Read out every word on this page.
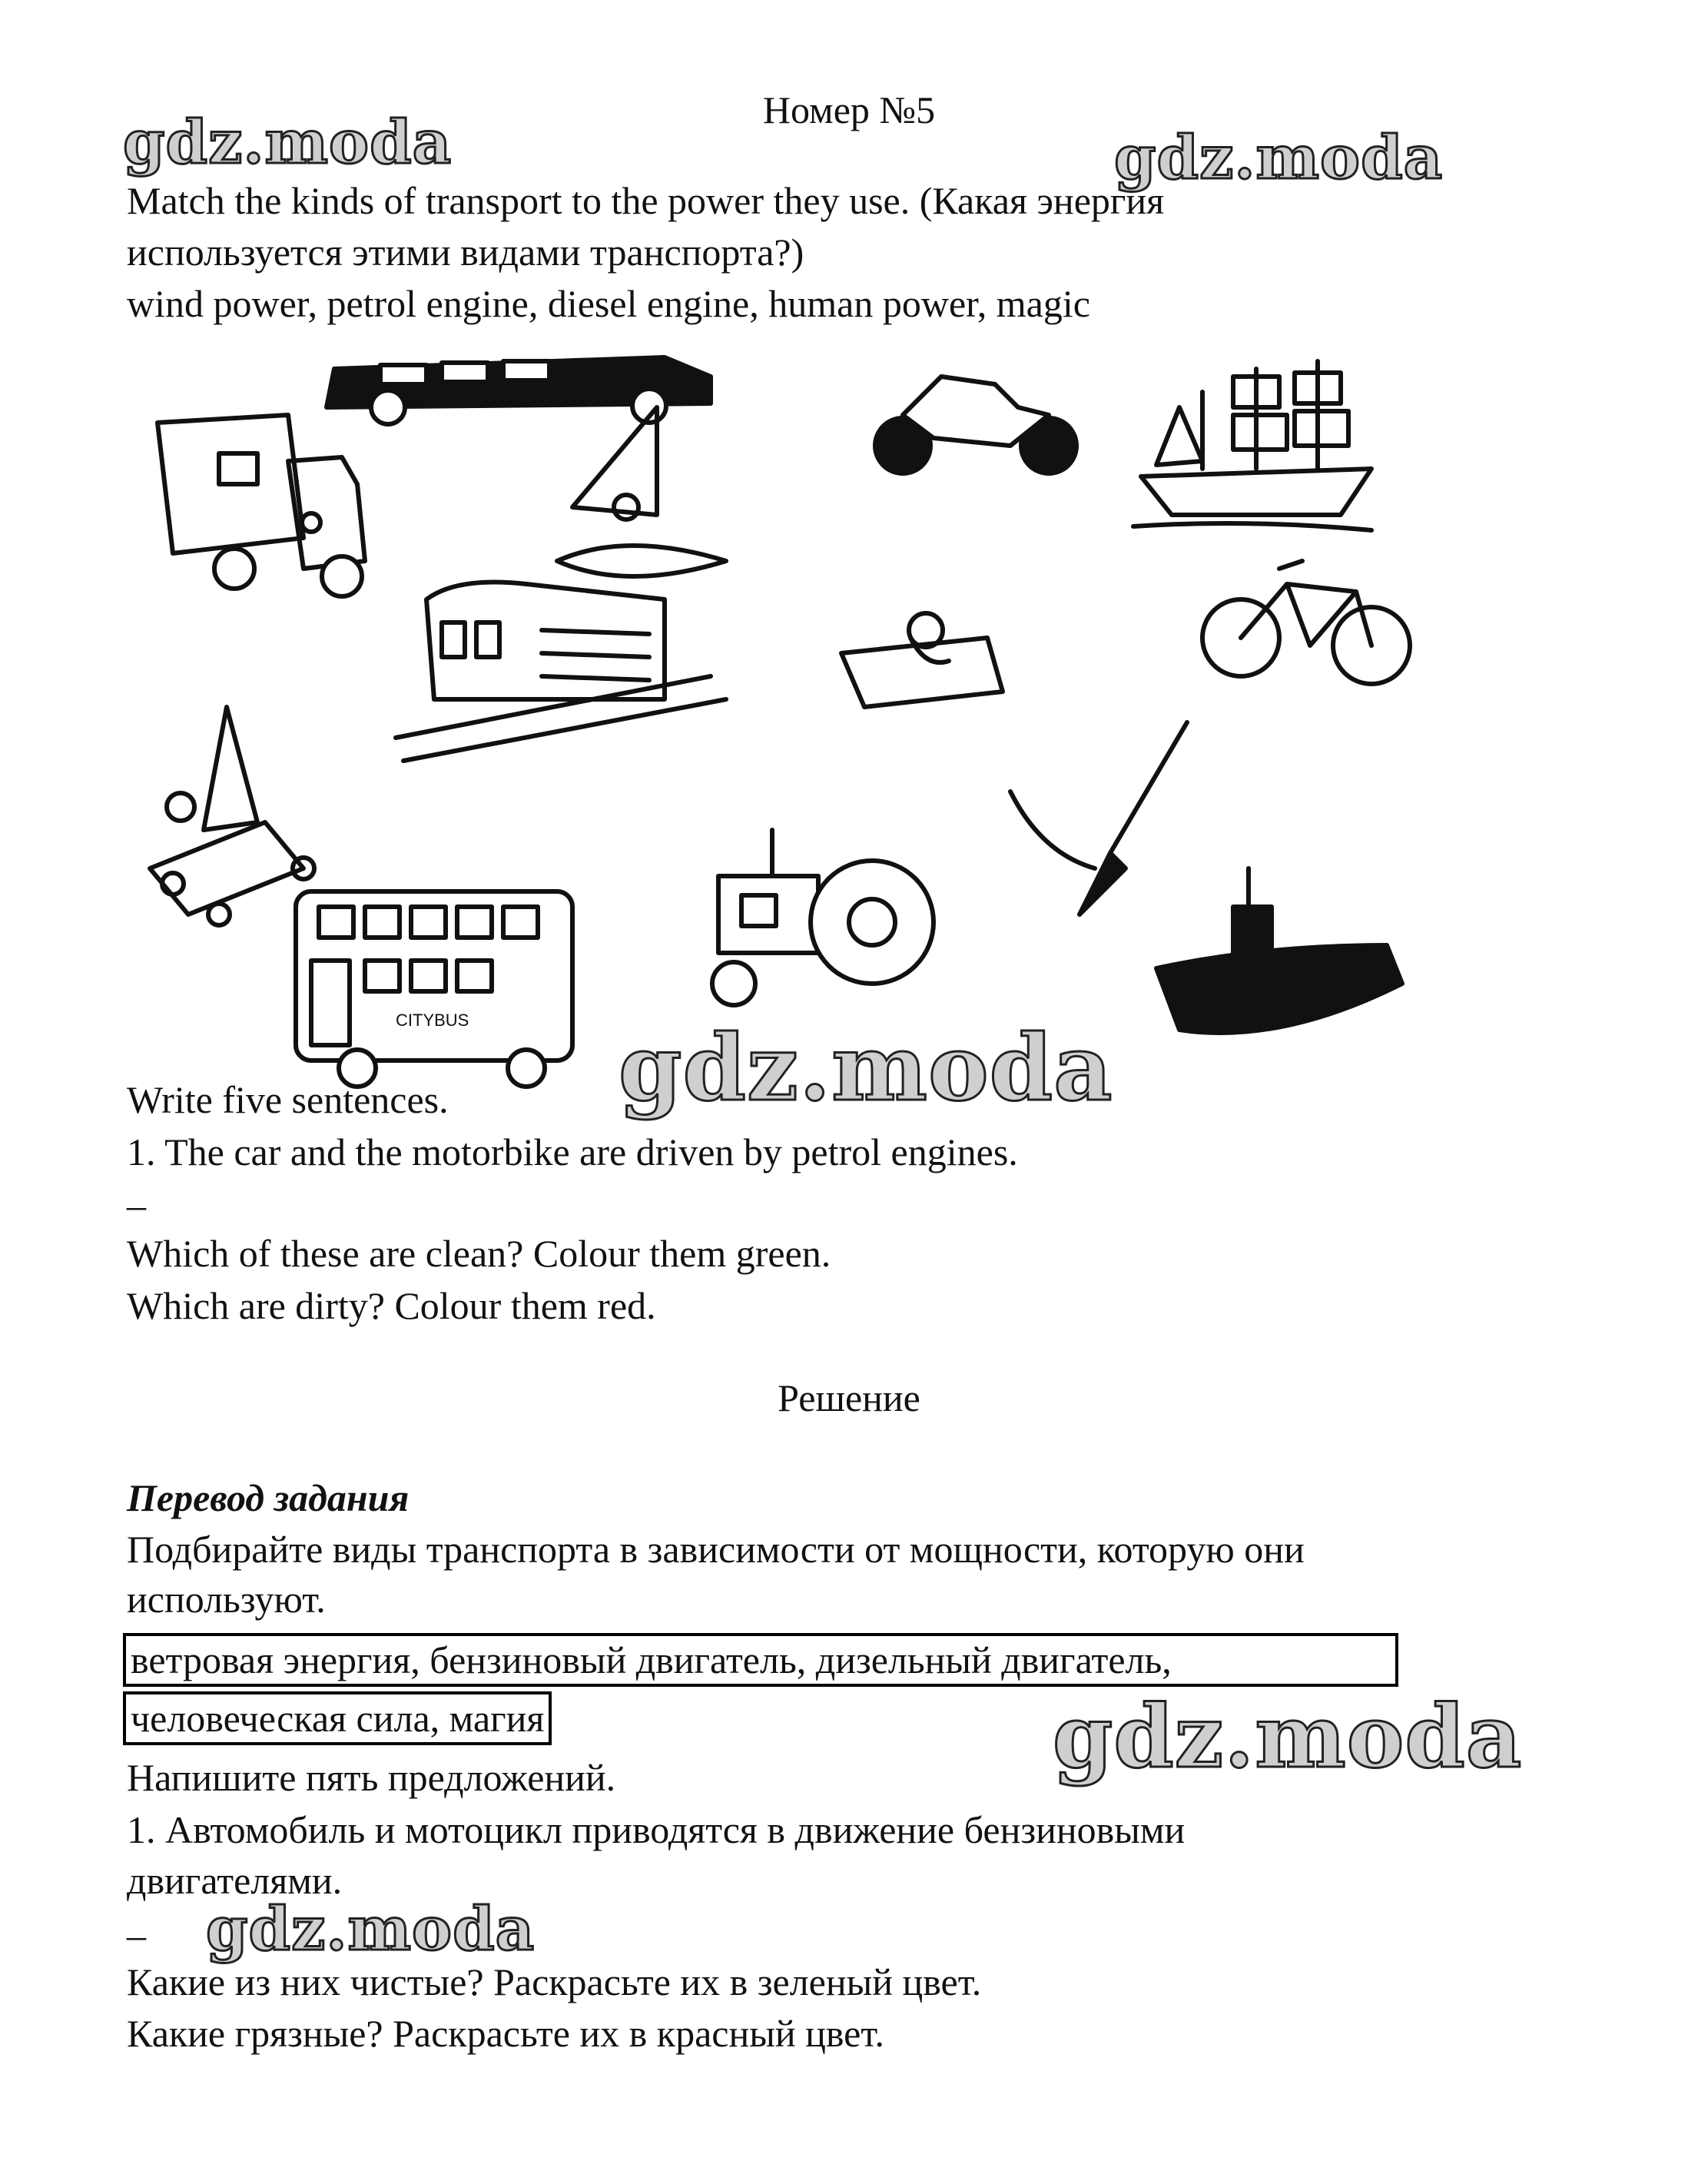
gdz.moda	gdz.moda
gdz.moda
gdz.moda
gdz.moda
Номер №5
Match the kinds of transport to the power they use. (Какая энергия
используется этими видами транспорта?)
wind power, petrol engine, diesel engine, human power, magic
CITYBUS
Write five sentences.
1. The car and the motorbike are driven by petrol engines.
_
Which of these are clean? Colour them green.
Which are dirty? Colour them red.
Решение
Перевод задания
Подбирайте виды транспорта в зависимости от мощности, которую они
используют.
ветровая энергия, бензиновый двигатель, дизельный двигатель,
человеческая сила, магия
Напишите пять предложений.
1. Автомобиль и мотоцикл приводятся в движение бензиновыми
двигателями.
_
Какие из них чистые? Раскрасьте их в зеленый цвет.
Какие грязные? Раскрасьте их в красный цвет.
